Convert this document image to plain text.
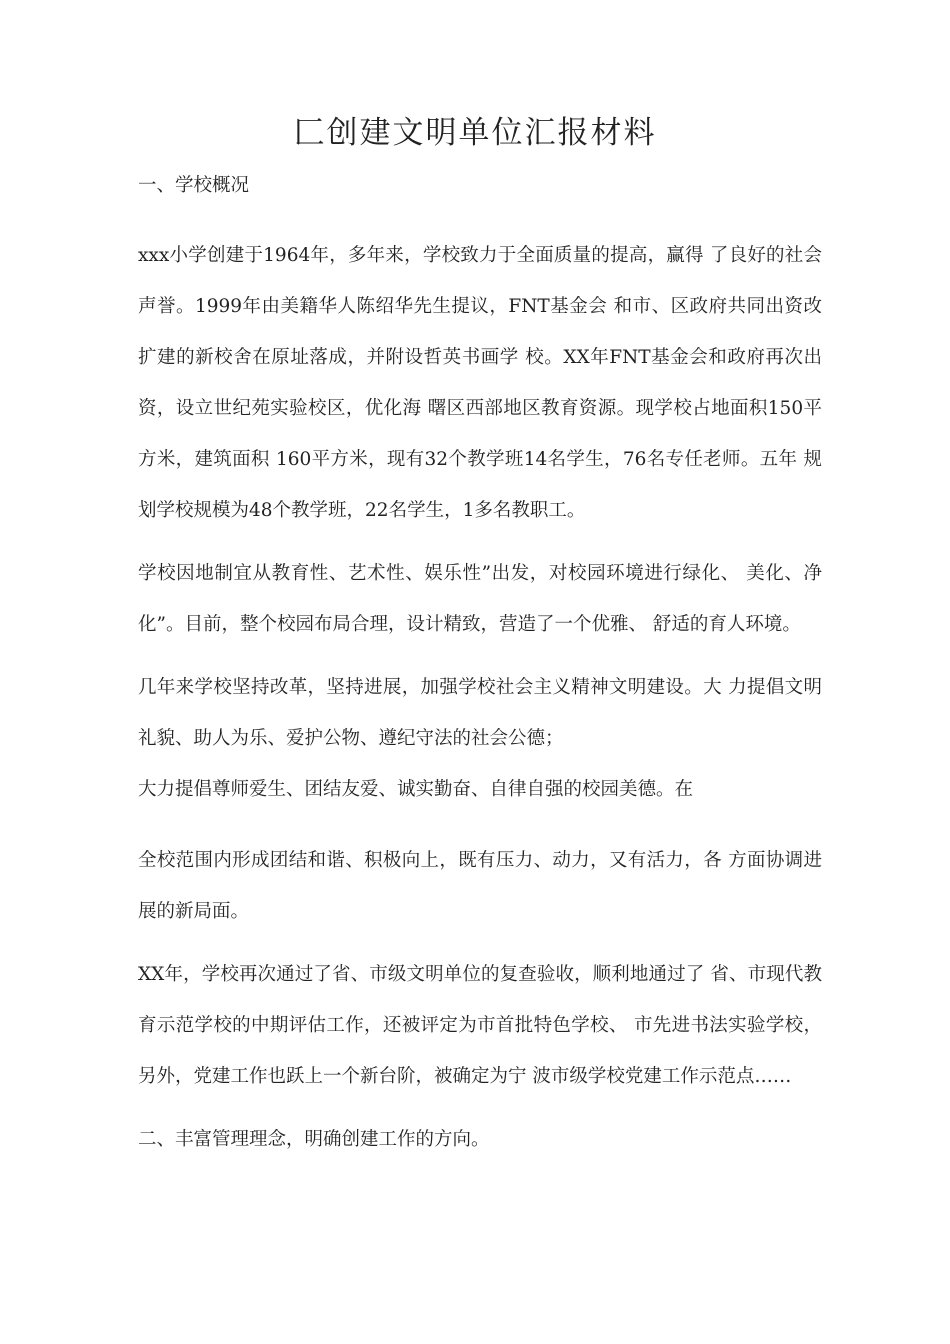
匚创建文明单位汇报材料

一、学校概况

xxx小学创建于1964年，多年来，学校致力于全面质量的提高，赢得 了良好的社会声誉。1999年由美籍华人陈绍华先生提议，FNT基金会 和市、区政府共同出资改扩建的新校舍在原址落成，并附设哲英书画学 校。XX年FNT基金会和政府再次出资，设立世纪苑实验校区，优化海 曙区西部地区教育资源。现学校占地面积150平方米，建筑面积 160平方米，现有32个教学班14名学生，76名专任老师。五年 规划学校规模为48个教学班，22名学生，1多名教职工。

学校因地制宜从教育性、艺术性、娱乐性”出发，对校园环境进行绿化、 美化、净化”。目前，整个校园布局合理，设计精致，营造了一个优雅、 舒适的育人环境。

几年来学校坚持改革，坚持进展，加强学校社会主义精神文明建设。大 力提倡文明礼貌、助人为乐、爱护公物、遵纪守法的社会公德；

大力提倡尊师爱生、团结友爱、诚实勤奋、自律自强的校园美德。在

全校范围内形成团结和谐、积极向上，既有压力、动力，又有活力，各 方面协调进展的新局面。

XX年，学校再次通过了省、市级文明单位的复查验收，顺利地通过了 省、市现代教育示范学校的中期评估工作，还被评定为市首批特色学校、 市先进书法实验学校，另外，党建工作也跃上一个新台阶，被确定为宁 波市级学校党建工作示范点……

二、丰富管理理念，明确创建工作的方向。
